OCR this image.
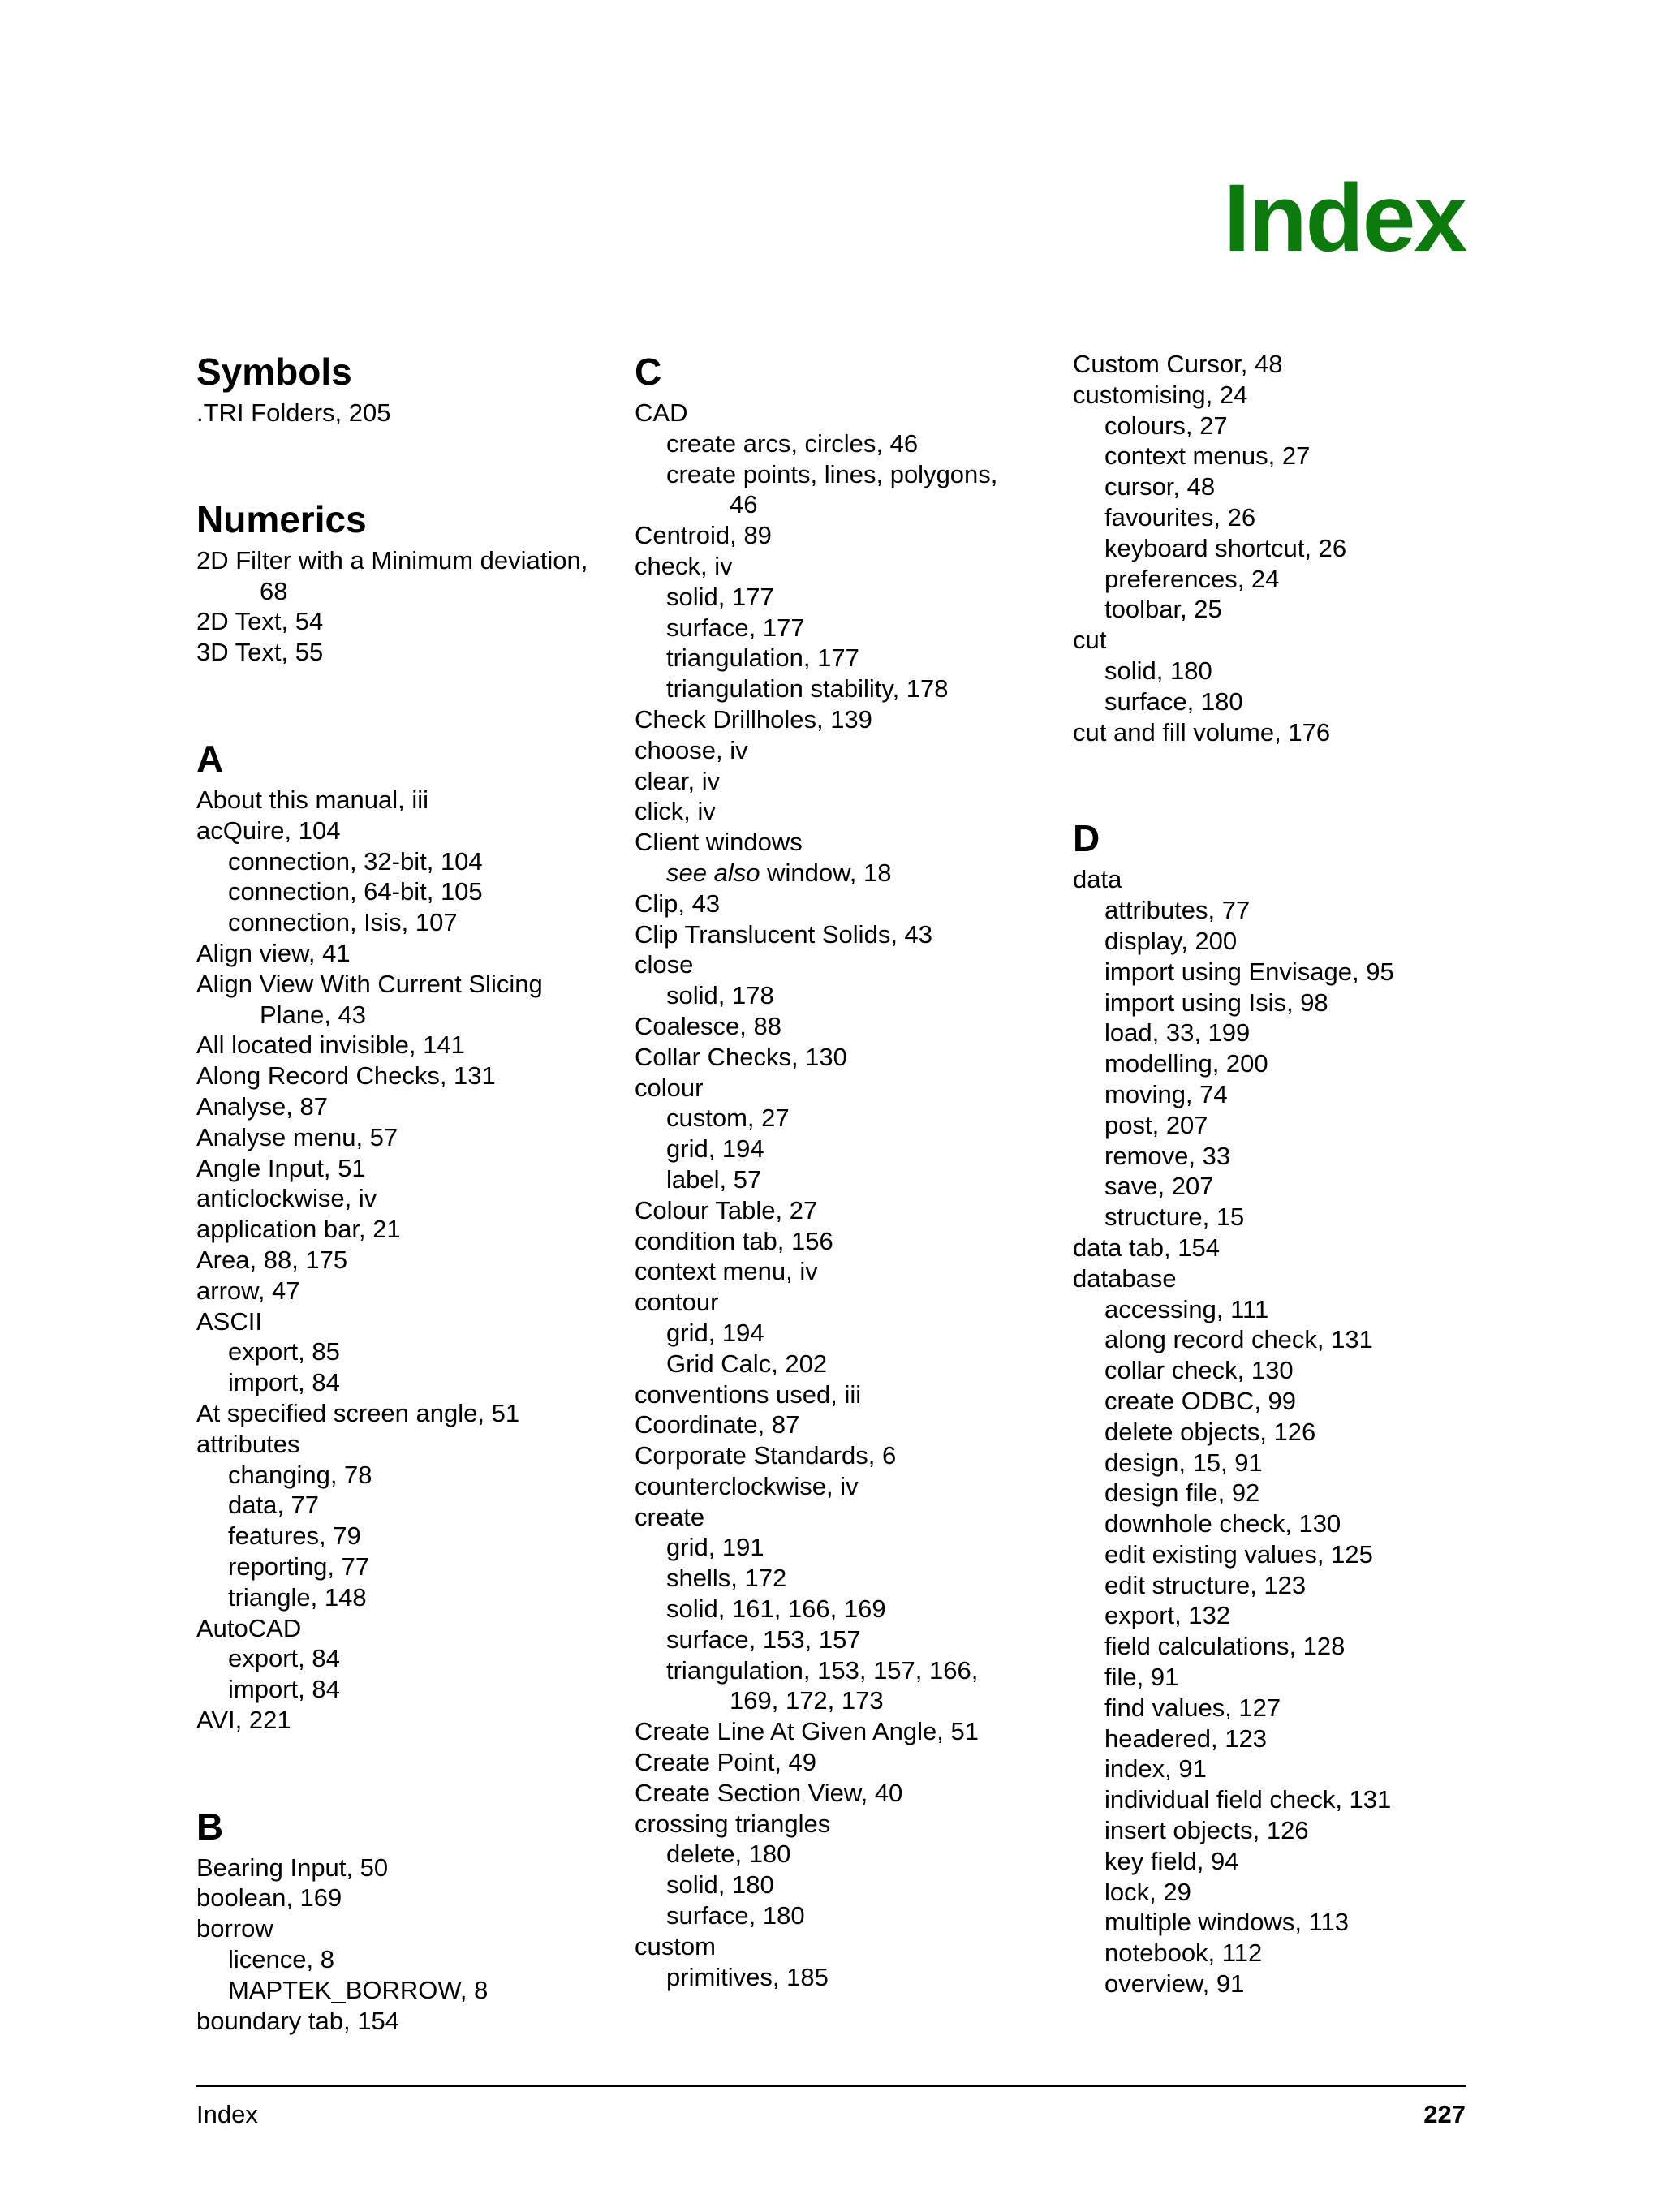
Index
Symbols
.TRI Folders, 205
Numerics
2D Filter with a Minimum deviation,
68
2D Text, 54
3D Text, 55
A
About this manual, iii
acQuire, 104
connection, 32-bit, 104
connection, 64-bit, 105
connection, Isis, 107
Align view, 41
Align View With Current Slicing
Plane, 43
All located invisible, 141
Along Record Checks, 131
Analyse, 87
Analyse menu, 57
Angle Input, 51
anticlockwise, iv
application bar, 21
Area, 88, 175
arrow, 47
ASCII
export, 85
import, 84
At specified screen angle, 51
attributes
changing, 78
data, 77
features, 79
reporting, 77
triangle, 148
AutoCAD
export, 84
import, 84
AVI, 221
B
Bearing Input, 50
boolean, 169
borrow
licence, 8
MAPTEK_BORROW, 8
boundary tab, 154
C
CAD
create arcs, circles, 46
create points, lines, polygons,
46
Centroid, 89
check, iv
solid, 177
surface, 177
triangulation, 177
triangulation stability, 178
Check Drillholes, 139
choose, iv
clear, iv
click, iv
Client windows
see also window, 18
Clip, 43
Clip Translucent Solids, 43
close
solid, 178
Coalesce, 88
Collar Checks, 130
colour
custom, 27
grid, 194
label, 57
Colour Table, 27
condition tab, 156
context menu, iv
contour
grid, 194
Grid Calc, 202
conventions used, iii
Coordinate, 87
Corporate Standards, 6
counterclockwise, iv
create
grid, 191
shells, 172
solid, 161, 166, 169
surface, 153, 157
triangulation, 153, 157, 166,
169, 172, 173
Create Line At Given Angle, 51
Create Point, 49
Create Section View, 40
crossing triangles
delete, 180
solid, 180
surface, 180
custom
primitives, 185
Custom Cursor, 48
customising, 24
colours, 27
context menus, 27
cursor, 48
favourites, 26
keyboard shortcut, 26
preferences, 24
toolbar, 25
cut
solid, 180
surface, 180
cut and fill volume, 176
D
data
attributes, 77
display, 200
import using Envisage, 95
import using Isis, 98
load, 33, 199
modelling, 200
moving, 74
post, 207
remove, 33
save, 207
structure, 15
data tab, 154
database
accessing, 111
along record check, 131
collar check, 130
create ODBC, 99
delete objects, 126
design, 15, 91
design file, 92
downhole check, 130
edit existing values, 125
edit structure, 123
export, 132
field calculations, 128
file, 91
find values, 127
headered, 123
index, 91
individual field check, 131
insert objects, 126
key field, 94
lock, 29
multiple windows, 113
notebook, 112
overview, 91
Index	227
